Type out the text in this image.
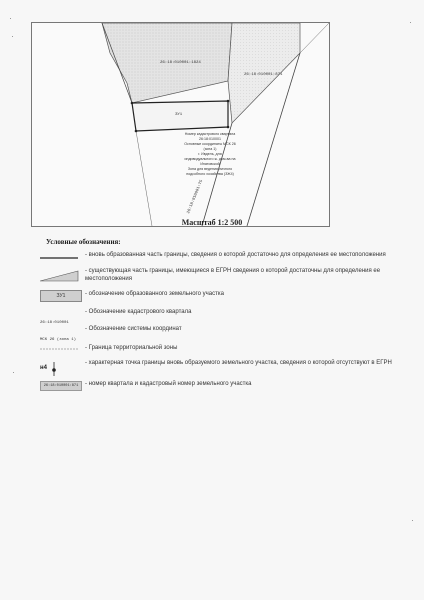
26:18:010001:1824
26:18:010001:871
ЗУ1
26:18:010001:75
Номер кадастрового квартала
26:18:010001
Основные координаты МСК 26
(зона 1)
г. Ивдель, для
индивидуального ж. дом-ва на
Ипатовской
Зона для ведения личного
подсобного хозяйства (ЗЖ4)
Масштаб 1:2 500
Условные обозначения:
- вновь образованная часть границы, сведения о которой достаточно для определения ее местоположения
- существующая часть границы, имеющиеся в ЕГРН сведения о которой достаточны для определения ее местоположения
ЗУ1	- обозначение образованного земельного участка
26:18:010001
- Обозначение кадастрового квартала
МСК 26 (зона 1)
- Обозначение системы координат
- Граница территориальной зоны
н4
- характерная точка границы вновь образуемого земельного участка, сведения о которой отсутствуют в ЕГРН
26:18:010001:871 - номер квартала и кадастровый номер земельного участка
